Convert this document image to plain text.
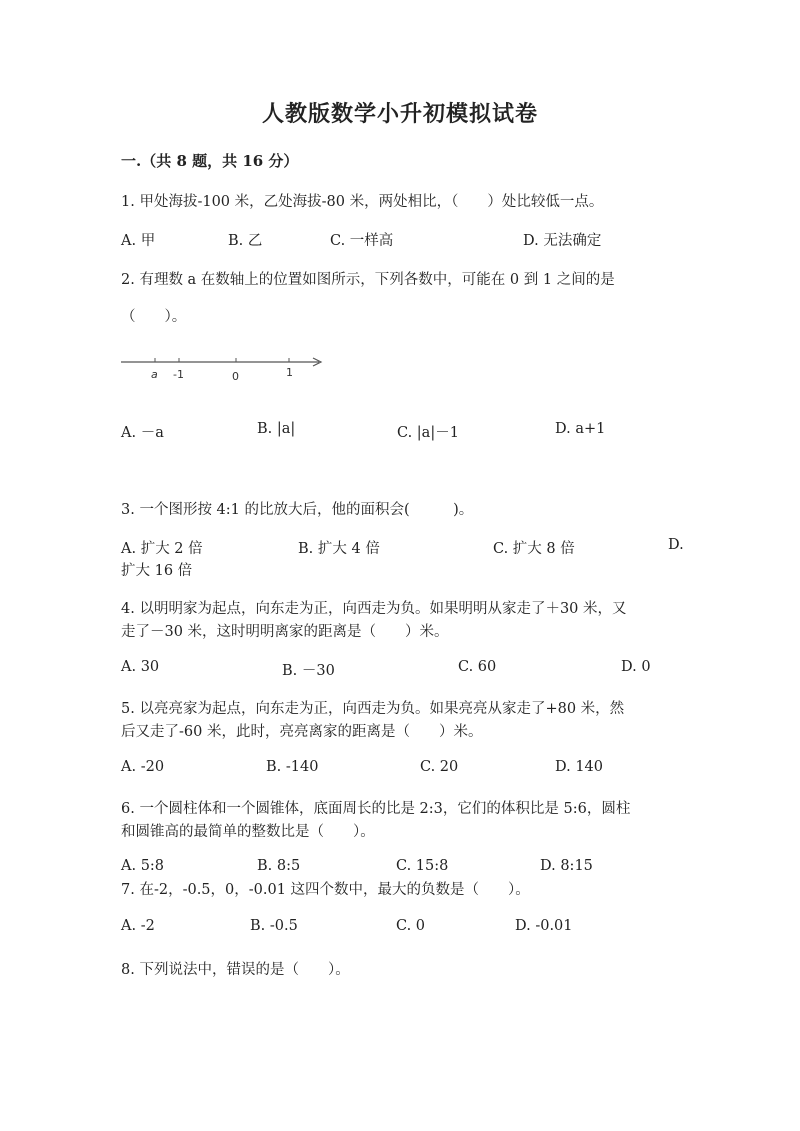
人教版数学小升初模拟试卷
一.（共 8 题，共 16 分）
1. 甲处海拔-100 米，乙处海拔-80 米，两处相比，（　　）处比较低一点。
A. 甲	B. 乙	C. 一样高	D. 无法确定
2. 有理数 a 在数轴上的位置如图所示，下列各数中，可能在 0 到 1 之间的是
（　　）。
a -1	0	1
A. －a	B. |a|	C. |a|－1	D. a+1
3. 一个图形按 4:1 的比放大后，他的面积会(　　　)。
A. 扩大 2 倍	B. 扩大 4 倍	C. 扩大 8 倍	D.
扩大 16 倍
4. 以明明家为起点，向东走为正，向西走为负。如果明明从家走了＋30 米，又
走了－30 米，这时明明离家的距离是（　　）米。
A. 30	B. －30	C. 60	D. 0
5. 以亮亮家为起点，向东走为正，向西走为负。如果亮亮从家走了+80 米，然
后又走了-60 米，此时，亮亮离家的距离是（　　）米。
A. -20	B. -140	C. 20	D. 140
6. 一个圆柱体和一个圆锥体，底面周长的比是 2:3，它们的体积比是 5:6，圆柱
和圆锥高的最简单的整数比是（　　）。
A. 5:8	B. 8:5	C. 15:8	D. 8:15
7. 在-2，-0.5，0，-0.01 这四个数中，最大的负数是（　　）。
A. -2	B. -0.5	C. 0	D. -0.01
8. 下列说法中，错误的是（　　）。
